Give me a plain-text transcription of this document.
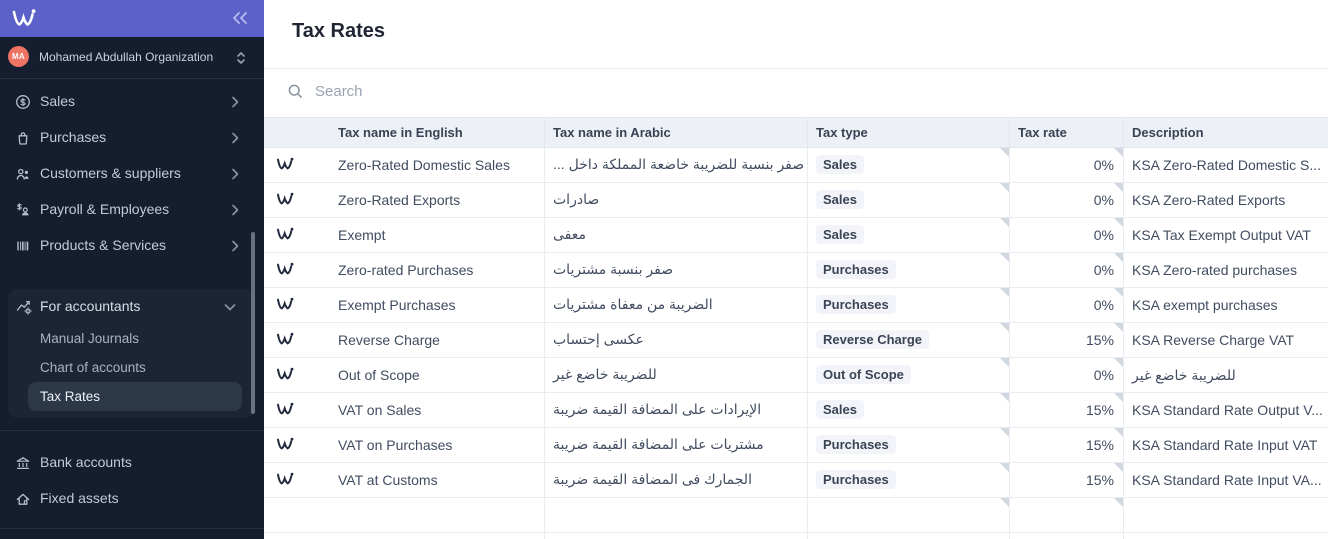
MA	Mohamed Abdullah Organization
Sales
Purchases
Customers & suppliers
Payroll & Employees
Products & Services
For accountants
Manual Journals
Chart of accounts
Tax Rates
Bank accounts
Fixed assets
Tax Rates
Search
Tax name in English	Tax name in Arabic	Tax type	Tax rate	Description
Zero-Rated Domestic Sales	...‎ ‎داخل‎ ‎المملكة‎ ‎خاضعة‎ ‎للضريبة‎ ‎بنسبة‎ ‎صفر	Sales	0% KSA Zero-Rated Domestic S...
Zero-Rated Exports	صادرات	Sales	0% KSA Zero-Rated Exports
Exempt	معفى	Sales	0% KSA Tax Exempt Output VAT
Zero-rated Purchases	مشتريات‎ ‎بنسبة‎ ‎صفر	Purchases	0% KSA Zero-rated purchases
Exempt Purchases	مشتريات‎ ‎معفاة‎ ‎من‎ ‎الضريبة	Purchases	0% KSA exempt purchases
Reverse Charge	إحتساب‎ ‎عكسى	Reverse Charge	15% KSA Reverse Charge VAT
Out of Scope	غير‎ ‎خاضع‎ ‎للضريبة	Out of Scope	0% غير‎ ‎خاضع‎ ‎للضريبة
VAT on Sales	ضريبة‎ ‎القيمة‎ ‎المضافة‎ ‎على‎ ‎الإيرادات	Sales	15% KSA Standard Rate Output V...
VAT on Purchases	ضريبة‎ ‎القيمة‎ ‎المضافة‎ ‎على‎ ‎مشتريات	Purchases	15% KSA Standard Rate Input VAT
VAT at Customs	ضريبة‎ ‎القيمة‎ ‎المضافة‎ ‎فى‎ ‎الجمارك	Purchases	15% KSA Standard Rate Input VA...
